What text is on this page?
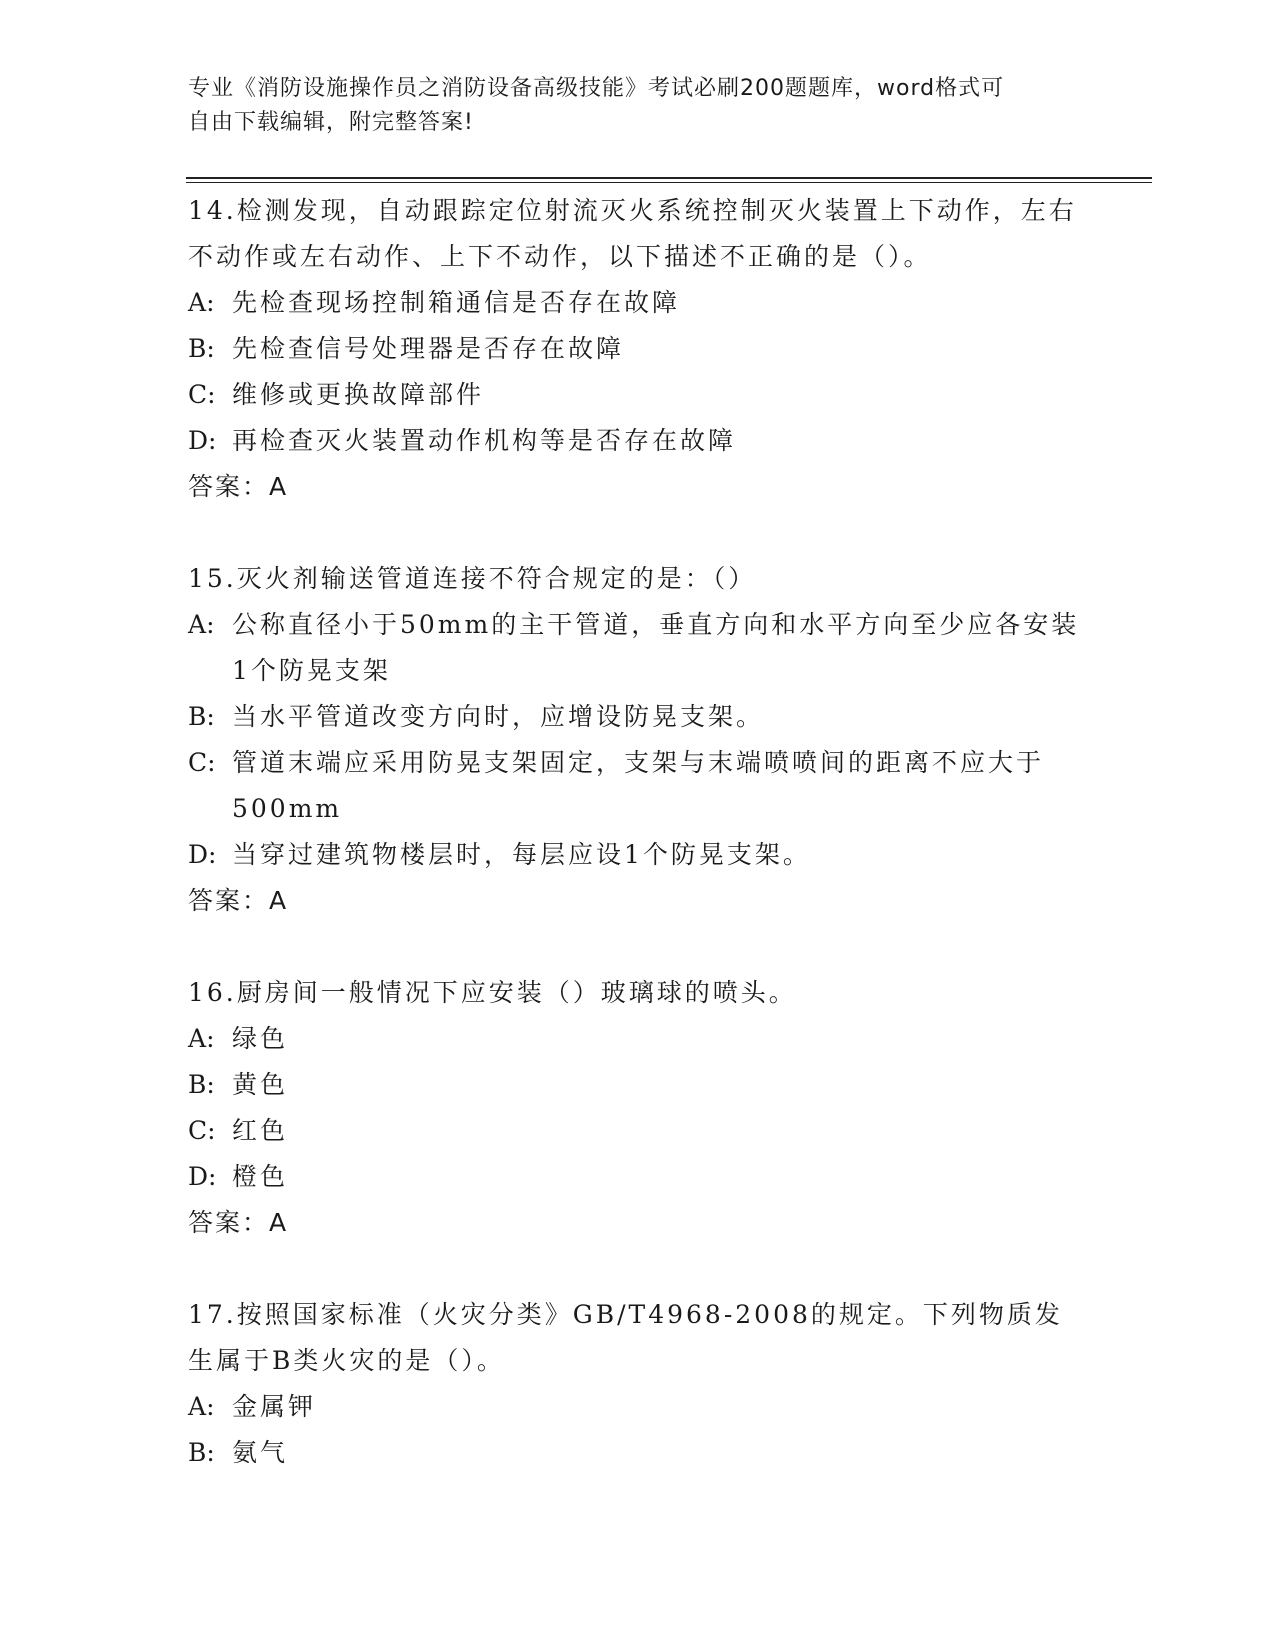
专业《消防设施操作员之消防设备高级技能》考试必刷200题题库，word格式可
自由下载编辑，附完整答案!

14.检测发现，自动跟踪定位射流灭火系统控制灭火装置上下动作，左右不动作或左右动作、上下不动作，以下描述不正确的是（）。

A :	先检查现场控制箱通信是否存在故障

B :	先检查信号处理器是否存在故障

C : 维修或更换故障部件

D : 再检查灭火装置动作机构等是否存在故障

答案：A

15.灭火剂输送管道连接不符合规定的是：（）

A :	公称直径小于50mm的主干管道，垂直方向和水平方向至少应各安装1个防晃支架

B :	当水平管道改变方向时，应增设防晃支架。

C : 管道末端应采用防晃支架固定，支架与末端喷喷间的距离不应大于500mm

D : 当穿过建筑物楼层时，每层应设1个防晃支架。

答案：A

16.厨房间一般情况下应安装（）玻璃球的喷头。

A :	绿色

B :	黄色

C : 红色

D : 橙色

答案：A

17.按照国家标准（火灾分类》GB/T4968-2008的规定。下列物质发生属于B类火灾的是（）。

A :	金属钾

B :	氨气
